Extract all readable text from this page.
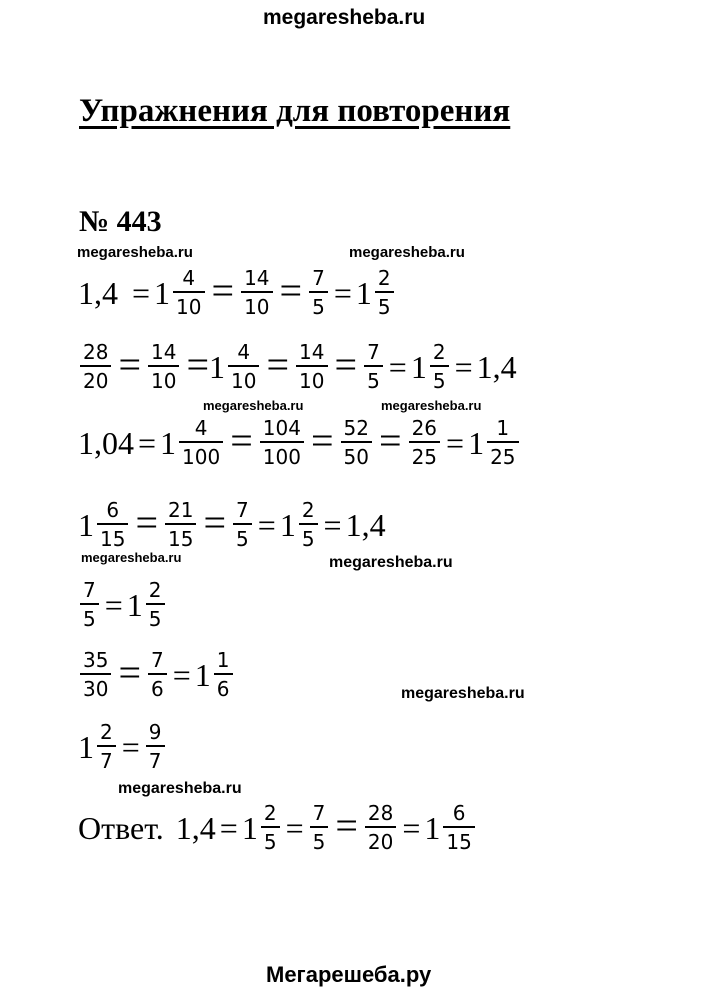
megaresheba.ru
megaresheba.ru	megaresheba.ru
megaresheba.ru	megaresheba.ru
megaresheba.ru	megaresheba.ru
megaresheba.ru
megaresheba.ru
Мегарешеба.ру
Упражнения для повторения
№ 443
$1,4 = 1 \frac{4}{10} = \frac{14}{10} = \frac{7}{5} = 1 \frac{2}{5}$
$\frac{28}{20} = \frac{14}{10} = 1 \frac{4}{10} = \frac{14}{10} = \frac{7}{5} = 1 \frac{2}{5} = 1,4$
$1,04 = 1 \frac{4}{100} = \frac{104}{100} = \frac{52}{50} = \frac{26}{25} = 1 \frac{1}{25}$
$1 \frac{6}{15} = \frac{21}{15} = \frac{7}{5} = 1 \frac{2}{5} = 1,4$
$\frac{7}{5} = 1 \frac{2}{5}$
$\frac{35}{30} = \frac{7}{6} = 1 \frac{1}{6}$
$1 \frac{2}{7} = \frac{9}{7}$
Ответ. $1,4 = 1 \frac{2}{5} = \frac{7}{5} = \frac{28}{20} = 1 \frac{6}{15}$
